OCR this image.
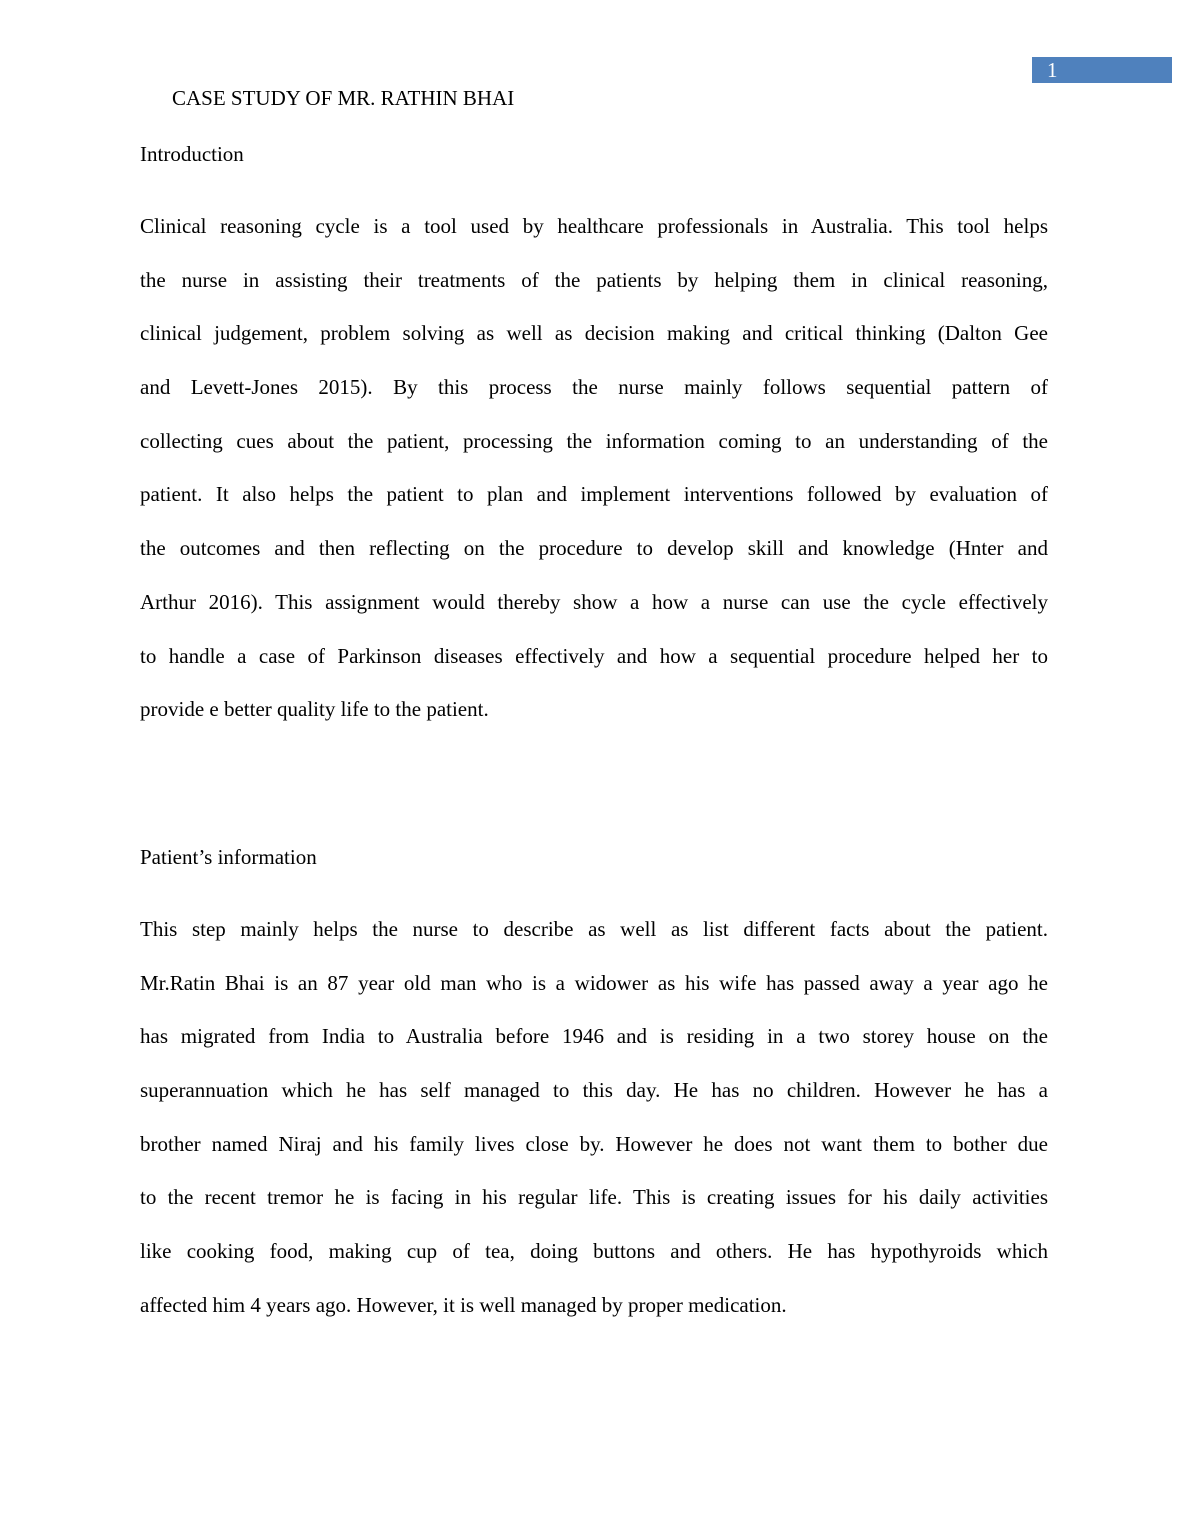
1
CASE STUDY OF MR. RATHIN BHAI
Introduction
Clinical reasoning cycle is a tool used by healthcare professionals in Australia. This tool helps
the nurse in assisting their treatments of the patients by helping them in clinical reasoning,
clinical judgement, problem solving as well as decision making and critical thinking (Dalton Gee
and Levett-Jones 2015). By this process the nurse mainly follows sequential pattern of
collecting cues about the patient, processing the information coming to an understanding of the
patient. It also helps the patient to plan and implement interventions followed by evaluation of
the outcomes and then reflecting on the procedure to develop skill and knowledge (Hnter and
Arthur 2016). This assignment would thereby show a how a nurse can use the cycle effectively
to handle a case of Parkinson diseases effectively and how a sequential procedure helped her to
provide e better quality life to the patient.
Patient’s information
This step mainly helps the nurse to describe as well as list different facts about the patient.
Mr.Ratin Bhai is an 87 year old man who is a widower as his wife has passed away a year ago he
has migrated from India to Australia before 1946 and is residing in a two storey house on the
superannuation which he has self managed to this day. He has no children. However he has a
brother named Niraj and his family lives close by. However he does not want them to bother due
to the recent tremor he is facing in his regular life. This is creating issues for his daily activities
like cooking food, making cup of tea, doing buttons and others. He has hypothyroids which
affected him 4 years ago. However, it is well managed by proper medication.
